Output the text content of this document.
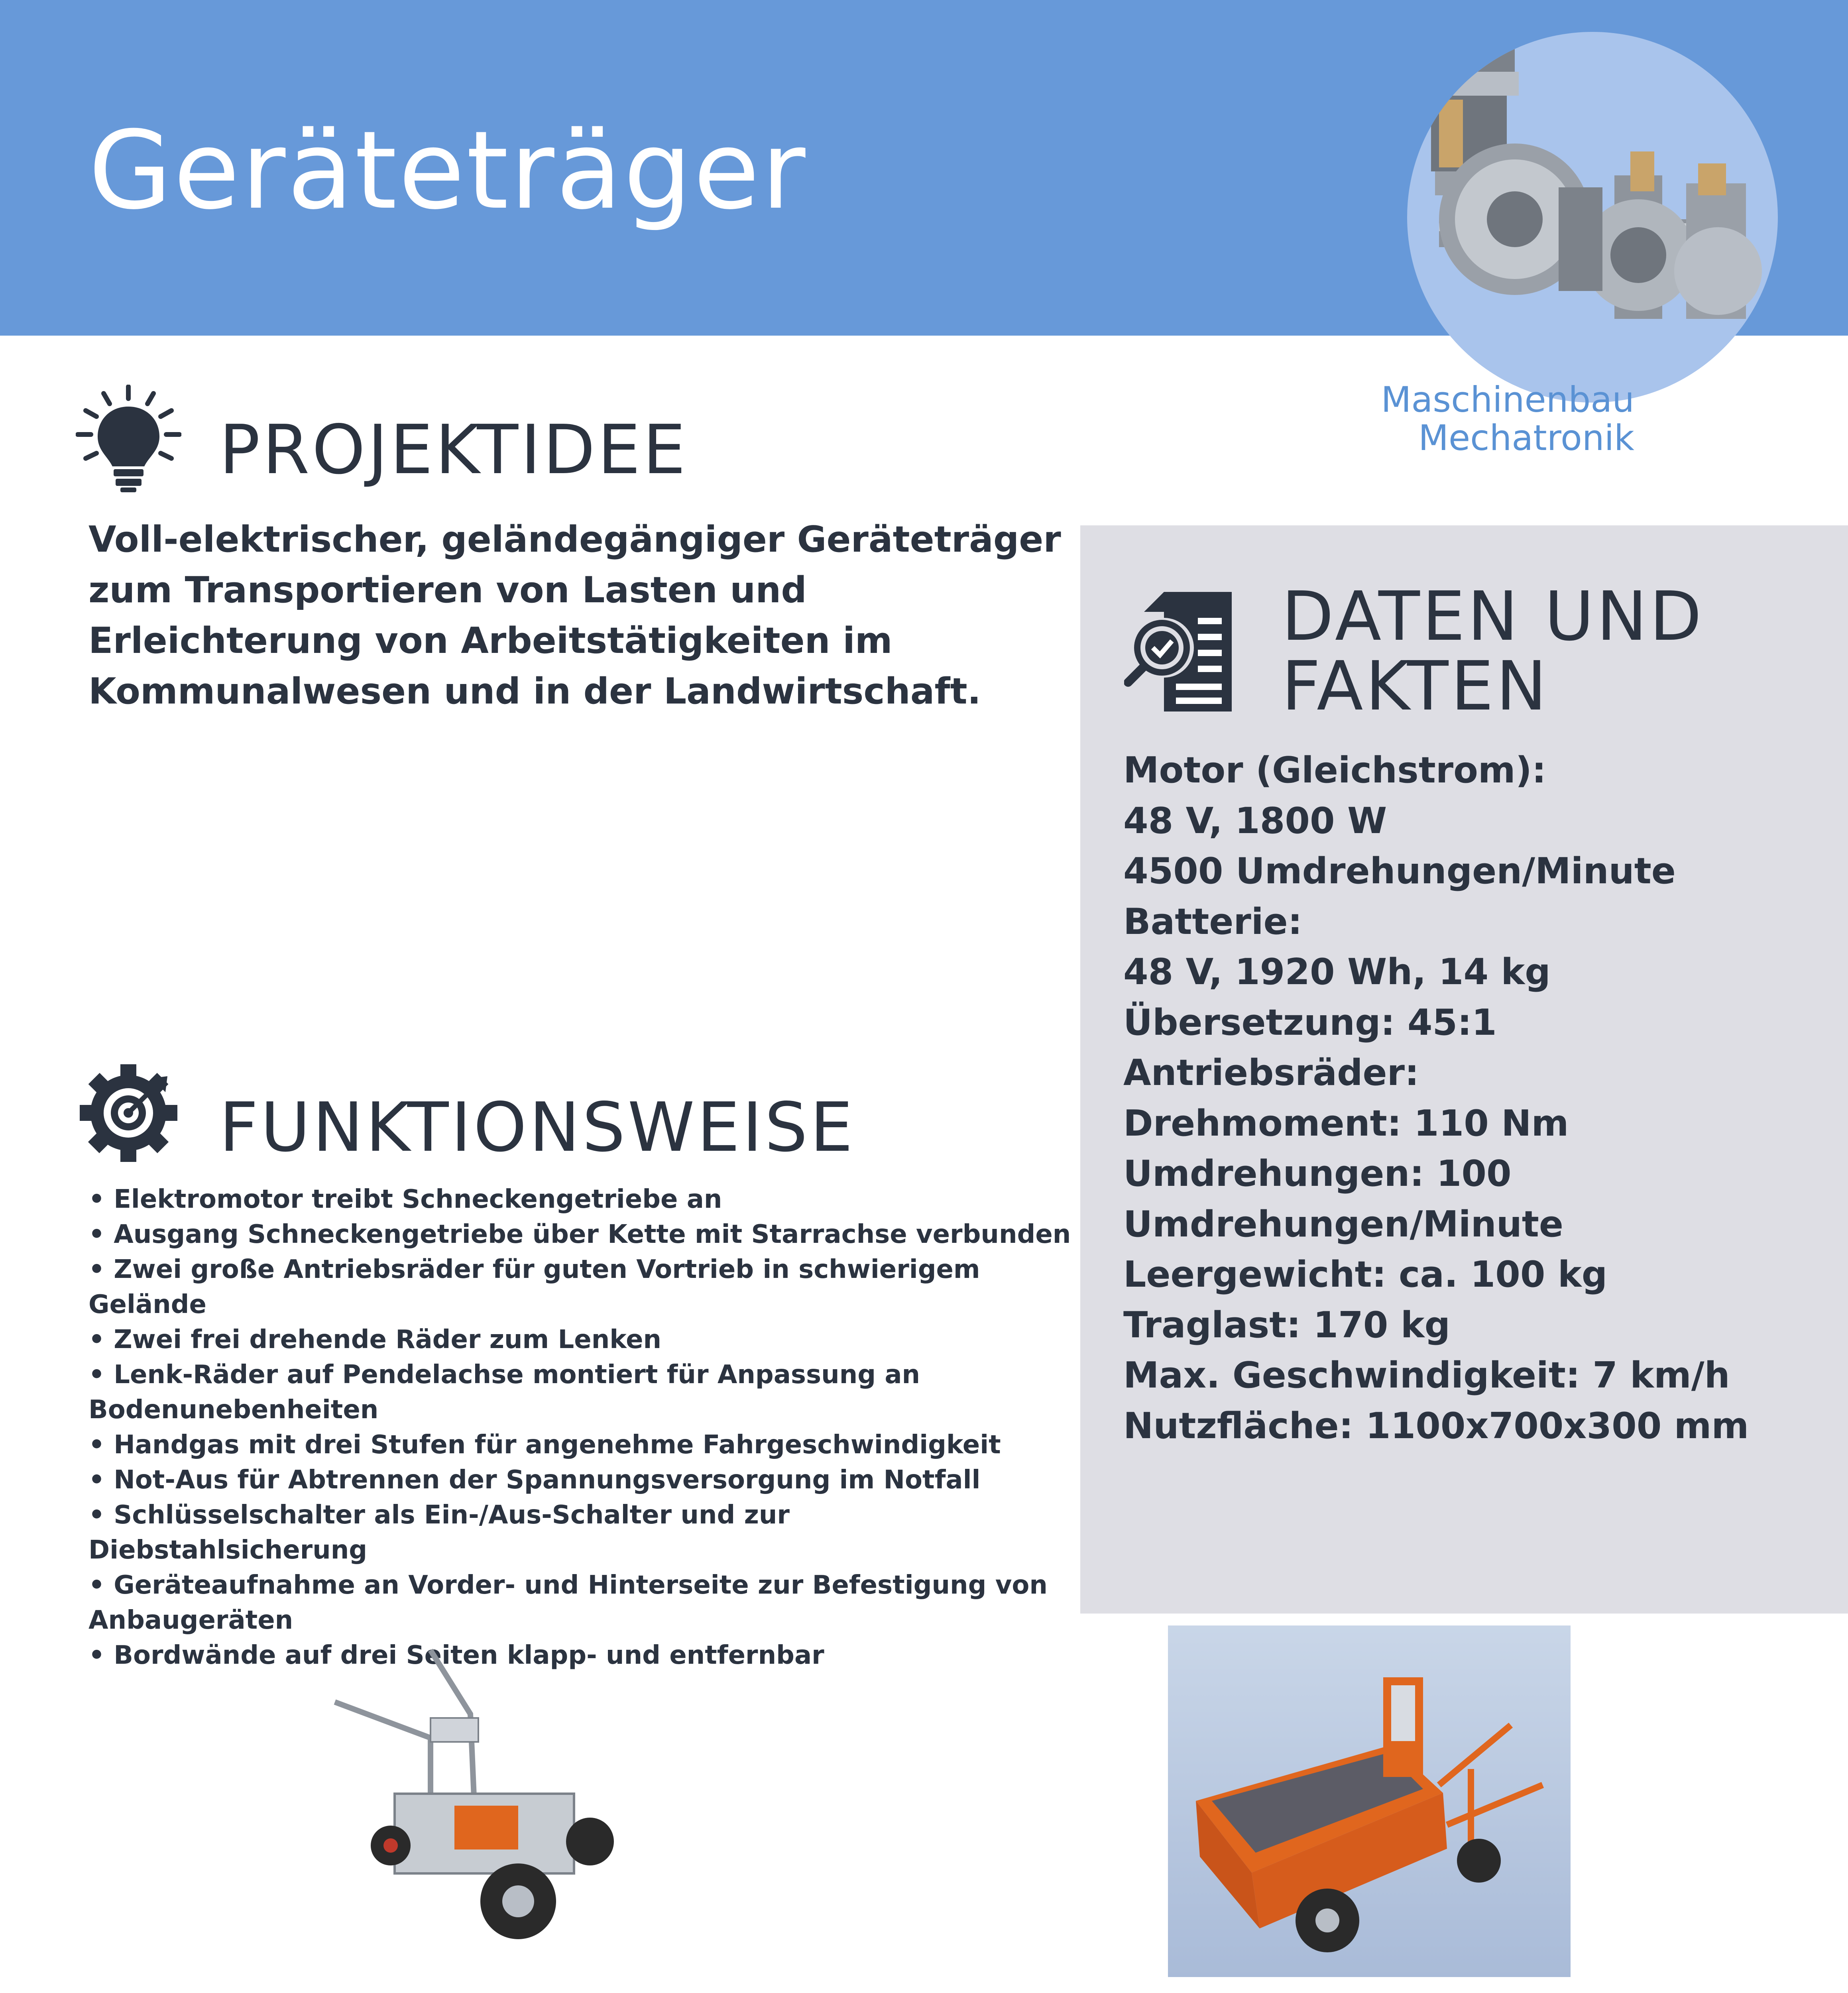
Geräteträger
Maschinenbau
Mechatronik
PROJEKTIDEE
Voll-elektrischer, geländegängiger Geräteträger zum Transportieren von Lasten und Erleichterung von Arbeitstätigkeiten im Kommunalwesen und in der Landwirtschaft.
FUNKTIONSWEISE
• Elektromotor treibt Schneckengetriebe an
• Ausgang Schneckengetriebe über Kette mit Starrachse verbunden
• Zwei große Antriebsräder für guten Vortrieb in schwierigem Gelände
• Zwei frei drehende Räder zum Lenken
• Lenk-Räder auf Pendelachse montiert für Anpassung an Bodenunebenheiten
• Handgas mit drei Stufen für angenehme Fahrgeschwindigkeit
• Not-Aus für Abtrennen der Spannungsversorgung im Notfall
• Schlüsselschalter als Ein-/Aus-Schalter und zur Diebstahlsicherung
• Geräteaufnahme an Vorder- und Hinterseite zur Befestigung von Anbaugeräten
• Bordwände auf drei Seiten klapp- und entfernbar
DATEN UND
FAKTEN
Motor (Gleichstrom):
48 V, 1800 W
4500 Umdrehungen/Minute
Batterie:
48 V, 1920 Wh, 14 kg
Übersetzung: 45:1
Antriebsräder:
Drehmoment: 110 Nm
Umdrehungen: 100
Umdrehungen/Minute
Leergewicht: ca. 100 kg
Traglast: 170 kg
Max. Geschwindigkeit: 7 km/h
Nutzfläche: 1100x700x300 mm
